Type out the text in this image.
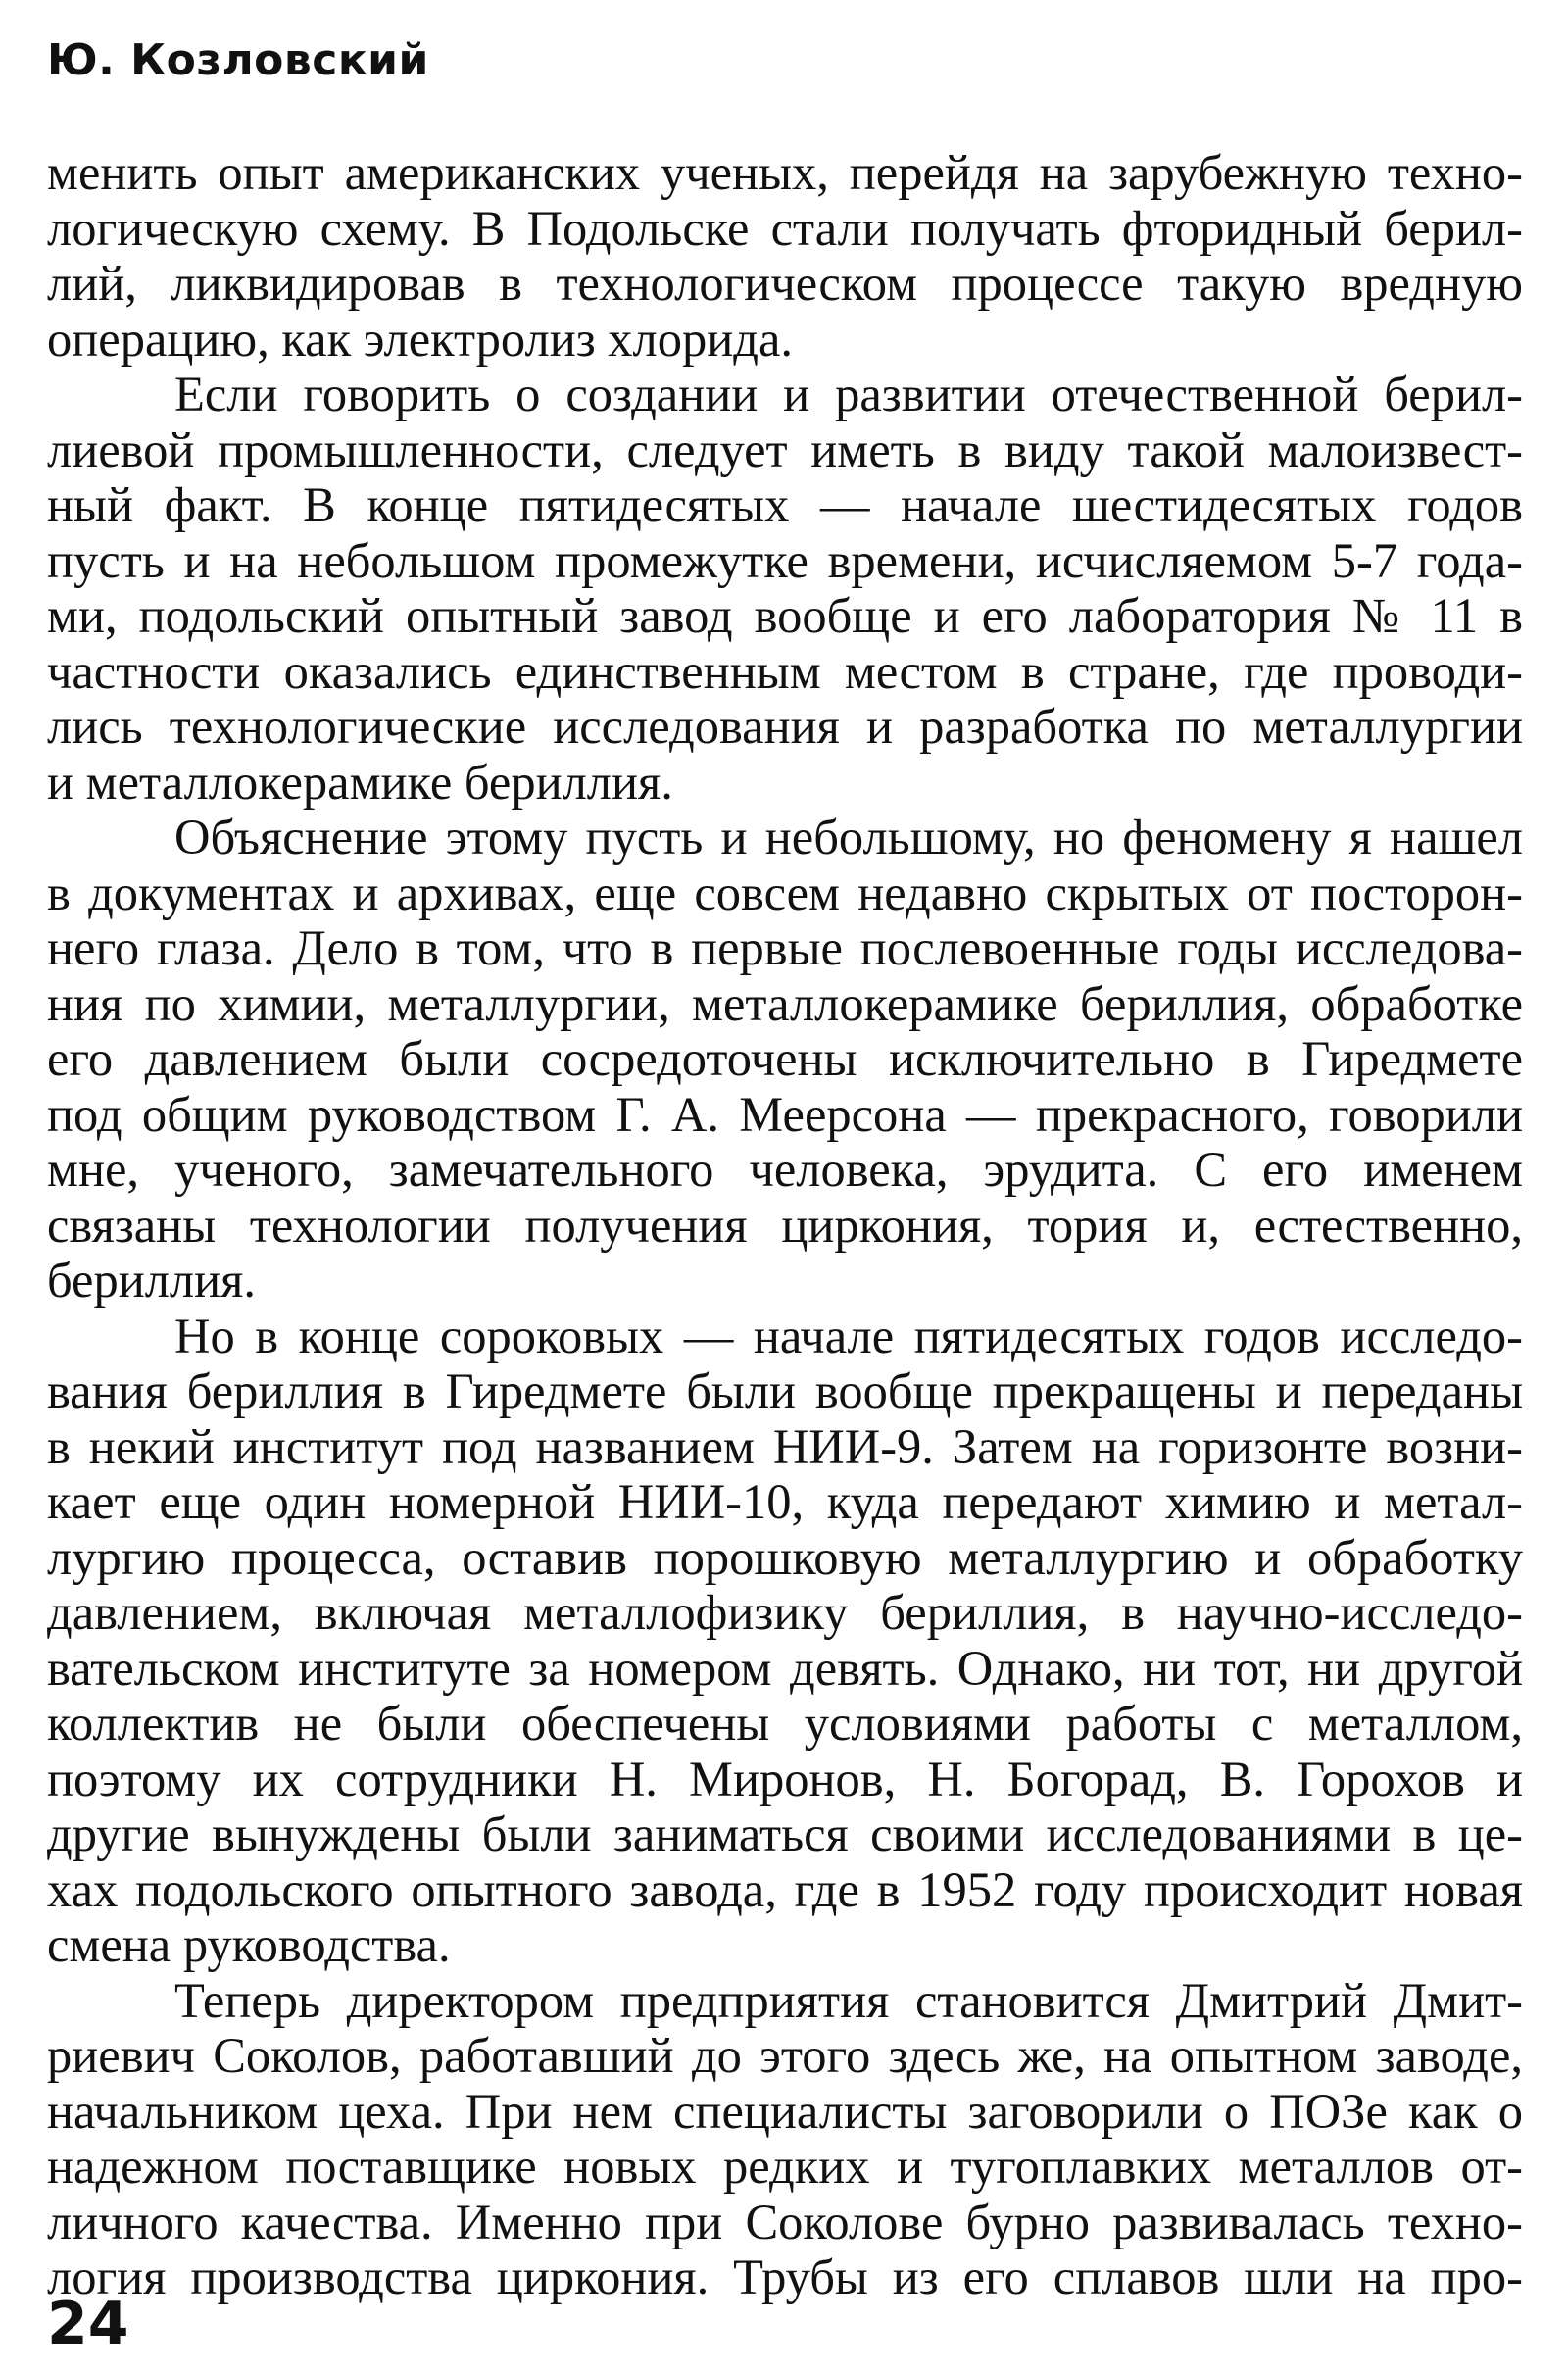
Ю. Козловский

менить опыт американских ученых, перейдя на зарубежную техно-
логическую схему. В Подольске стали получать фторидный берил-
лий, ликвидировав в технологическом процессе такую вредную
операцию, как электролиз хлорида.

Если говорить о создании и развитии отечественной берил-
лиевой промышленности, следует иметь в виду такой малоизвест-
ный факт. В конце пятидесятых — начале шестидесятых годов
пусть и на небольшом промежутке времени, исчисляемом 5-7 года-
ми, подольский опытный завод вообще и его лаборатория № 11 в
частности оказались единственным местом в стране, где проводи-
лись технологические исследования и разработка по металлургии
и металлокерамике бериллия.

Объяснение этому пусть и небольшому, но феномену я нашел
в документах и архивах, еще совсем недавно скрытых от посторон-
него глаза. Дело в том, что в первые послевоенные годы исследова-
ния по химии, металлургии, металлокерамике бериллия, обработке
его давлением были сосредоточены исключительно в Гиредмете
под общим руководством Г. А. Меерсона — прекрасного, говорили
мне, ученого, замечательного человека, эрудита. С его именем
связаны технологии получения циркония, тория и, естественно,
бериллия.

Но в конце сороковых — начале пятидесятых годов исследо-
вания бериллия в Гиредмете были вообще прекращены и переданы
в некий институт под названием НИИ-9. Затем на горизонте возни-
кает еще один номерной НИИ-10, куда передают химию и метал-
лургию процесса, оставив порошковую металлургию и обработку
давлением, включая металлофизику бериллия, в научно-исследо-
вательском институте за номером девять. Однако, ни тот, ни другой
коллектив не были обеспечены условиями работы с металлом,
поэтому их сотрудники Н. Миронов, Н. Богорад, В. Горохов и
другие вынуждены были заниматься своими исследованиями в це-
хах подольского опытного завода, где в 1952 году происходит новая
смена руководства.

Теперь директором предприятия становится Дмитрий Дмит-
риевич Соколов, работавший до этого здесь же, на опытном заводе,
начальником цеха. При нем специалисты заговорили о ПОЗе как о
надежном поставщике новых редких и тугоплавких металлов от-
личного качества. Именно при Соколове бурно развивалась техно-
логия производства циркония. Трубы из его сплавов шли на про-

24
